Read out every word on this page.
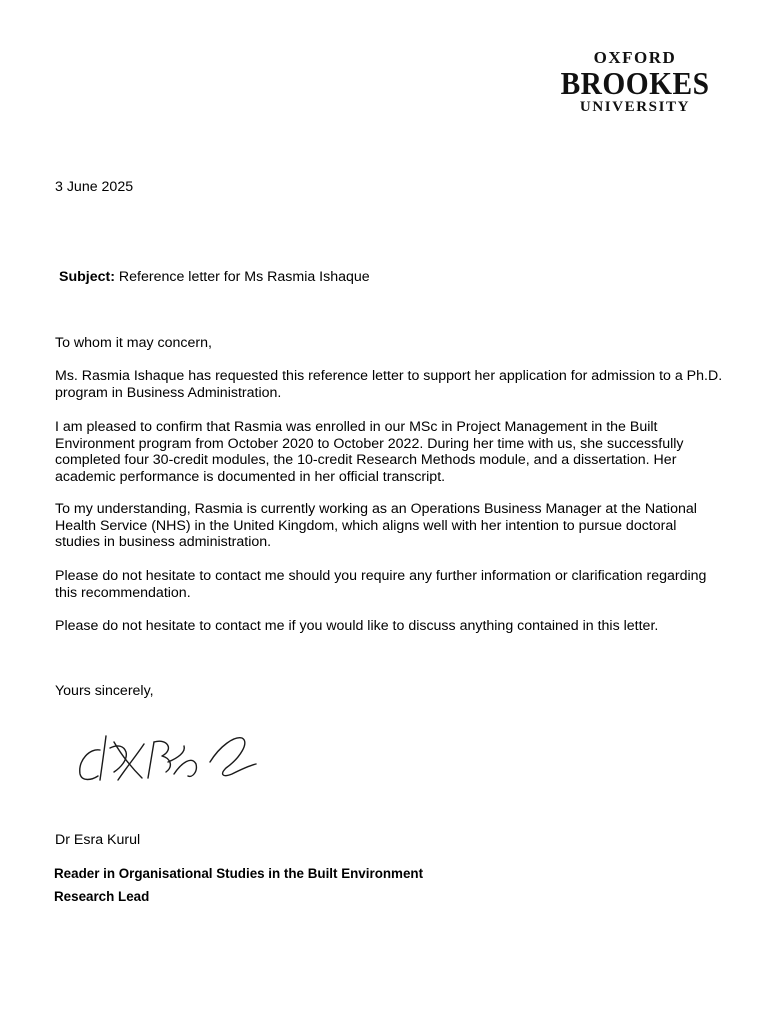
OXFORD
BROOKES
UNIVERSITY

3 June 2025

Subject: Reference letter for Ms Rasmia Ishaque

To whom it may concern,

Ms. Rasmia Ishaque has requested this reference letter to support her application for admission to a Ph.D. program in Business Administration.

I am pleased to confirm that Rasmia was enrolled in our MSc in Project Management in the Built Environment program from October 2020 to October 2022. During her time with us, she successfully completed four 30-credit modules, the 10-credit Research Methods module, and a dissertation. Her academic performance is documented in her official transcript.

To my understanding, Rasmia is currently working as an Operations Business Manager at the National Health Service (NHS) in the United Kingdom, which aligns well with her intention to pursue doctoral studies in business administration.

Please do not hesitate to contact me should you require any further information or clarification regarding this recommendation.

Please do not hesitate to contact me if you would like to discuss anything contained in this letter.

Yours sincerely,

Dr Esra Kurul

Reader in Organisational Studies in the Built Environment

Research Lead
